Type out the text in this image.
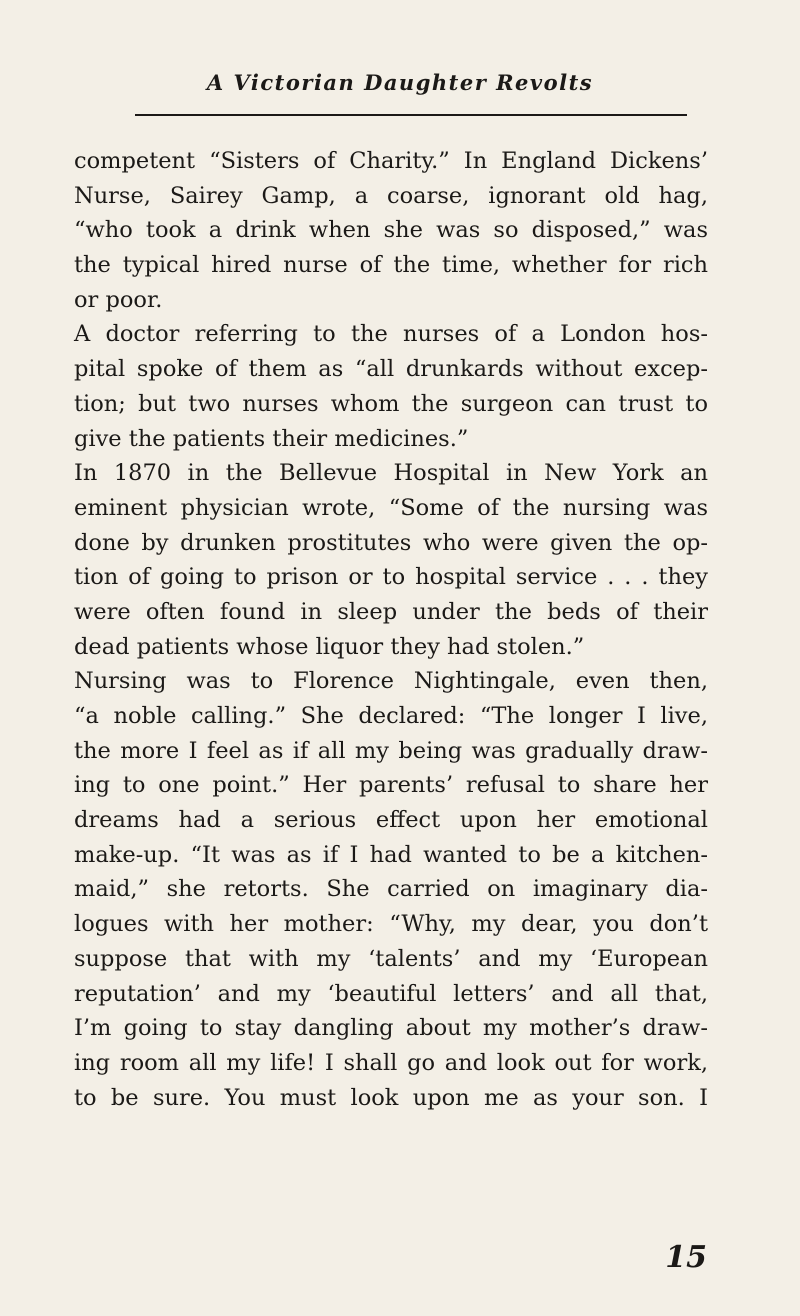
A Victorian Daughter Revolts
competent “Sisters of Charity.” In England Dickens’
Nurse, Sairey Gamp, a coarse, ignorant old hag,
“who took a drink when she was so disposed,” was
the typical hired nurse of the time, whether for rich
or poor.
A doctor referring to the nurses of a London hos-
pital spoke of them as “all drunkards without excep-
tion; but two nurses whom the surgeon can trust to
give the patients their medicines.”
In 1870 in the Bellevue Hospital in New York an
eminent physician wrote, “Some of the nursing was
done by drunken prostitutes who were given the op-
tion of going to prison or to hospital service . . . they
were often found in sleep under the beds of their
dead patients whose liquor they had stolen.”
Nursing was to Florence Nightingale, even then,
“a noble calling.” She declared: “The longer I live,
the more I feel as if all my being was gradually draw-
ing to one point.” Her parents’ refusal to share her
dreams had a serious effect upon her emotional
make-up. “It was as if I had wanted to be a kitchen-
maid,” she retorts. She carried on imaginary dia-
logues with her mother: “Why, my dear, you don’t
suppose that with my ‘talents’ and my ‘European
reputation’ and my ‘beautiful letters’ and all that,
I’m going to stay dangling about my mother’s draw-
ing room all my life! I shall go and look out for work,
to be sure. You must look upon me as your son. I
15
